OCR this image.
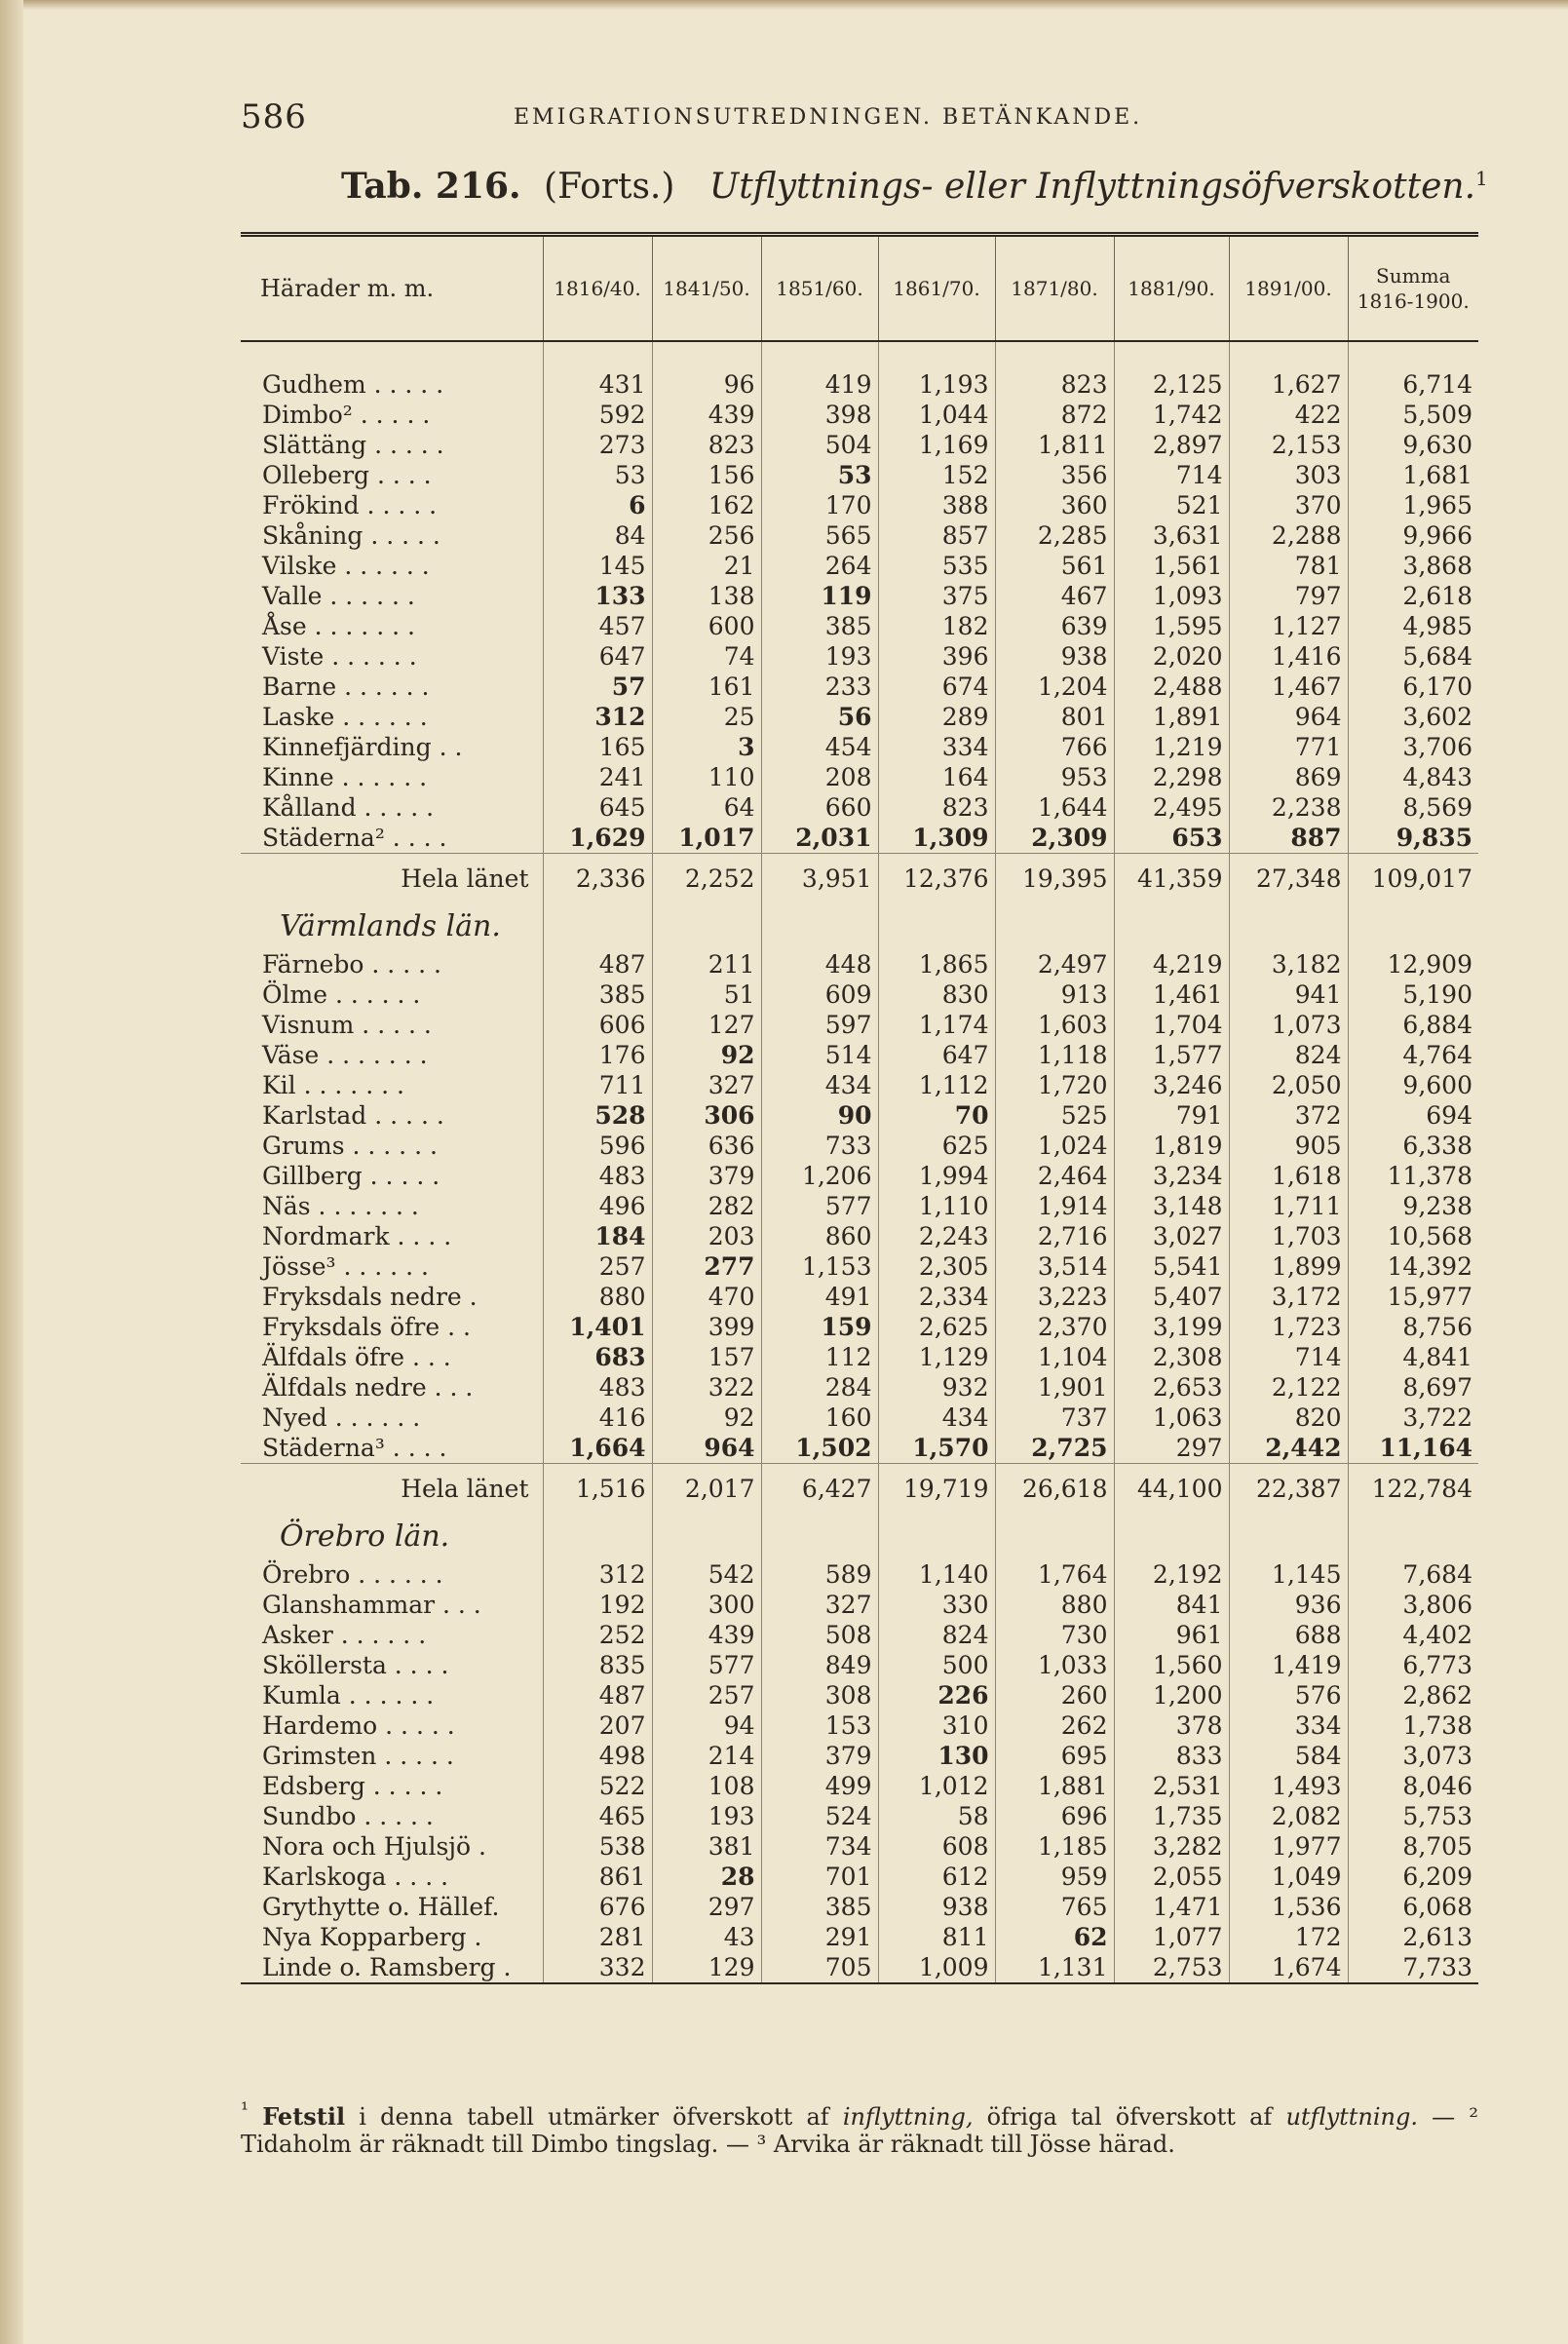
586	EMIGRATIONSUTREDNINGEN. BETÄNKANDE.
Tab. 216. (Forts.) Utflyttnings- eller Inflyttningsöfverskotten.$^1$
Härader m. m.	1816/40.	1841/50.	1851/60.	1861/70.	1871/80.	1881/90.	1891/00.	Summa 1816-1900.

Gudhem . . . . .	431	96	419	1,193	823	2,125	1,627	6,714
Dimbo² . . . . .	592	439	398	1,044	872	1,742	422	5,509
Slättäng . . . . .	273	823	504	1,169	1,811	2,897	2,153	9,630
Olleberg . . . .	53	156	53	152	356	714	303	1,681
Frökind . . . . .	6	162	170	388	360	521	370	1,965
Skåning . . . . .	84	256	565	857	2,285	3,631	2,288	9,966
Vilske . . . . . .	145	21	264	535	561	1,561	781	3,868
Valle . . . . . .	133	138	119	375	467	1,093	797	2,618
Åse . . . . . . .	457	600	385	182	639	1,595	1,127	4,985
Viste . . . . . .	647	74	193	396	938	2,020	1,416	5,684
Barne . . . . . .	57	161	233	674	1,204	2,488	1,467	6,170
Laske . . . . . .	312	25	56	289	801	1,891	964	3,602
Kinnefjärding . .	165	3	454	334	766	1,219	771	3,706
Kinne . . . . . .	241	110	208	164	953	2,298	869	4,843
Kålland . . . . .	645	64	660	823	1,644	2,495	2,238	8,569
Städerna² . . . .	1,629	1,017	2,031	1,309	2,309	653	887	9,835
Hela länet	2,336	2,252	3,951	12,376	19,395	41,359	27,348	109,017
Värmlands län.								
Färnebo . . . . .	487	211	448	1,865	2,497	4,219	3,182	12,909
Ölme . . . . . .	385	51	609	830	913	1,461	941	5,190
Visnum . . . . .	606	127	597	1,174	1,603	1,704	1,073	6,884
Väse . . . . . . .	176	92	514	647	1,118	1,577	824	4,764
Kil . . . . . . .	711	327	434	1,112	1,720	3,246	2,050	9,600
Karlstad . . . . .	528	306	90	70	525	791	372	694
Grums . . . . . .	596	636	733	625	1,024	1,819	905	6,338
Gillberg . . . . .	483	379	1,206	1,994	2,464	3,234	1,618	11,378
Näs . . . . . . .	496	282	577	1,110	1,914	3,148	1,711	9,238
Nordmark . . . .	184	203	860	2,243	2,716	3,027	1,703	10,568
Jösse³ . . . . . .	257	277	1,153	2,305	3,514	5,541	1,899	14,392
Fryksdals nedre .	880	470	491	2,334	3,223	5,407	3,172	15,977
Fryksdals öfre . .	1,401	399	159	2,625	2,370	3,199	1,723	8,756
Älfdals öfre . . .	683	157	112	1,129	1,104	2,308	714	4,841
Älfdals nedre . . .	483	322	284	932	1,901	2,653	2,122	8,697
Nyed . . . . . .	416	92	160	434	737	1,063	820	3,722
Städerna³ . . . .	1,664	964	1,502	1,570	2,725	297	2,442	11,164
Hela länet	1,516	2,017	6,427	19,719	26,618	44,100	22,387	122,784
Örebro län.								
Örebro . . . . . .	312	542	589	1,140	1,764	2,192	1,145	7,684
Glanshammar . . .	192	300	327	330	880	841	936	3,806
Asker . . . . . .	252	439	508	824	730	961	688	4,402
Sköllersta . . . .	835	577	849	500	1,033	1,560	1,419	6,773
Kumla . . . . . .	487	257	308	226	260	1,200	576	2,862
Hardemo . . . . .	207	94	153	310	262	378	334	1,738
Grimsten . . . . .	498	214	379	130	695	833	584	3,073
Edsberg . . . . .	522	108	499	1,012	1,881	2,531	1,493	8,046
Sundbo . . . . .	465	193	524	58	696	1,735	2,082	5,753
Nora och Hjulsjö .	538	381	734	608	1,185	3,282	1,977	8,705
Karlskoga . . . .	861	28	701	612	959	2,055	1,049	6,209
Grythytte o. Hällef.	676	297	385	938	765	1,471	1,536	6,068
Nya Kopparberg .	281	43	291	811	62	1,077	172	2,613
Linde o. Ramsberg .	332	129	705	1,009	1,131	2,753	1,674	7,733
$^{^1}$ Fetstil i denna tabell utmärker öfverskott af inflyttning, öfriga tal öfverskott af utflyttning. — ² Tidaholm är räknadt till Dimbo tingslag. — ³ Arvika är räknadt till Jösse härad.
